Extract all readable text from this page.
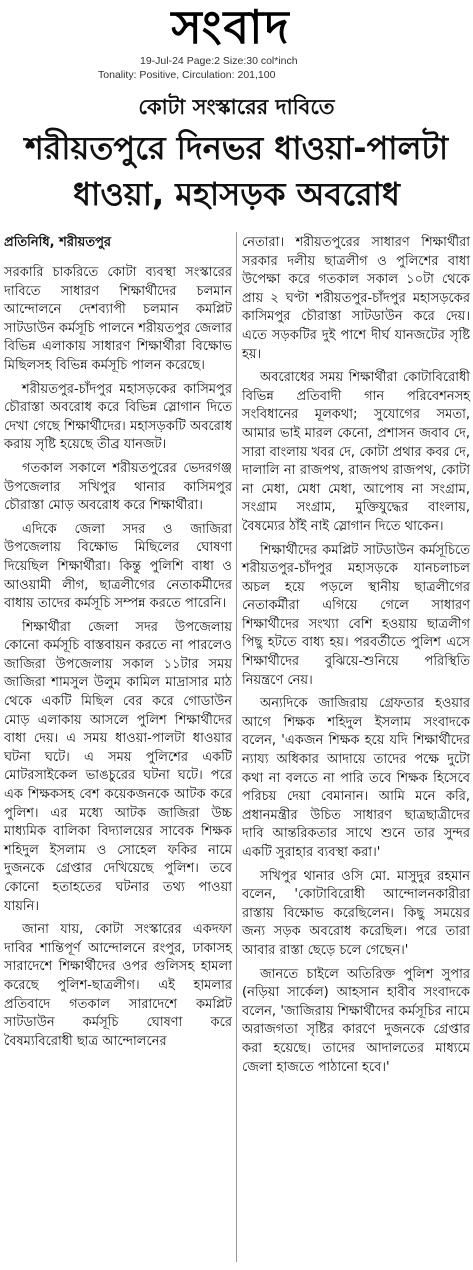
সংবাদ
19-Jul-24 Page:2 Size:30 col*inch
Tonality: Positive, Circulation: 201,100
কোটা সংস্কারের দাবিতে
শরীয়তপুরে দিনভর ধাওয়া-পালটা
ধাওয়া, মহাসড়ক অবরোধ
প্রতিনিধি, শরীয়তপুর

সরকারি চাকরিতে কোটা ব্যবস্থা সংস্কারের দাবিতে সাধারণ শিক্ষার্থীদের চলমান আন্দোলনে দেশব্যাপী চলমান কমপ্লিট সাটডাউন কর্মসূচি পালনে শরীয়তপুর জেলার বিভিন্ন এলাকায় সাধারণ শিক্ষার্থীরা বিক্ষোভ মিছিলসহ বিভিন্ন কর্মসূচি পালন করেছে।

শরীয়তপুর-চাঁদপুর মহাসড়কের কাসিমপুর চৌরাস্তা অবরোধ করে বিভিন্ন স্লোগান দিতে দেখা গেছে শিক্ষার্থীদের। মহাসড়কটি অবরোধ করায় সৃষ্টি হয়েছে তীব্র যানজট।

গতকাল সকালে শরীয়তপুরের ভেদরগঞ্জ উপজেলার সখিপুর থানার কাসিমপুর চৌরাস্তা মোড় অবরোধ করে শিক্ষার্থীরা।

এদিকে জেলা সদর ও জাজিরা উপজেলায় বিক্ষোভ মিছিলের ঘোষণা দিয়েছিল শিক্ষার্থীরা। কিন্তু পুলিশি বাধা ও আওয়ামী লীগ, ছাত্রলীগের নেতাকর্মীদের বাধায় তাদের কর্মসূচি সম্পন্ন করতে পারেনি।

শিক্ষার্থীরা জেলা সদর উপজেলায় কোনো কর্মসূচি বাস্তবায়ন করতে না পারলেও জাজিরা উপজেলায় সকাল ১১টার সময় জাজিরা শামসুল উলুম কামিল মাদ্রাসার মাঠ থেকে একটি মিছিল বের করে গোডাউন মোড় এলাকায় আসলে পুলিশ শিক্ষার্থীদের বাধা দেয়। এ সময় ধাওয়া-পালটা ধাওয়ার ঘটনা ঘটে। এ সময় পুলিশের একটি মোটরসাইকেল ভাঙচুরের ঘটনা ঘটে। পরে এক শিক্ষকসহ বেশ কয়েকজনকে আটক করে পুলিশ। এর মধ্যে আটক জাজিরা উচ্চ মাধ্যমিক বালিকা বিদ্যালয়ের সাবেক শিক্ষক শহিদুল ইসলাম ও সোহেল ফকির নামে দুজনকে গ্রেপ্তার দেখিয়েছে পুলিশ। তবে কোনো হতাহতের ঘটনার তথ্য পাওয়া যায়নি।

জানা যায়, কোটা সংস্কারের একদফা দাবির শান্তিপূর্ণ আন্দোলনে রংপুর, ঢাকাসহ সারাদেশে শিক্ষার্থীদের ওপর গুলিসহ হামলা করেছে পুলিশ-ছাত্রলীগ। এই হামলার প্রতিবাদে গতকাল সারাদেশে কমপ্লিট সাটডাউন কর্মসূচি ঘোষণা করে বৈষম্যবিরোধী ছাত্র আন্দোলনের

নেতারা। শরীয়তপুরের সাধারণ শিক্ষার্থীরা সরকার দলীয় ছাত্রলীগ ও পুলিশের বাধা উপেক্ষা করে গতকাল সকাল ১০টা থেকে প্রায় ২ ঘণ্টা শরীয়তপুর-চাঁদপুর মহাসড়কের কাসিমপুর চৌরাস্তা সাটডাউন করে দেয়। এতে সড়কটির দুই পাশে দীর্ঘ যানজটের সৃষ্টি হয়।

অবরোধের সময় শিক্ষার্থীরা কোটাবিরোধী বিভিন্ন প্রতিবাদী গান পরিবেশনসহ সংবিধানের মূলকথা; সুযোগের সমতা, আমার ভাই মারল কেনো, প্রশাসন জবাব দে, সারা বাংলায় খবর দে, কোটা প্রথার কবর দে, দালালি না রাজপথ, রাজপথ রাজপথ, কোটা না মেধা, মেধা মেধা, আপোষ না সংগ্রাম, সংগ্রাম সংগ্রাম, মুক্তিযুদ্ধের বাংলায়, বৈষম্যের ঠাঁই নাই স্লোগান দিতে থাকেন।

শিক্ষার্থীদের কমপ্লিট সাটডাউন কর্মসূচিতে শরীয়তপুর-চাঁদপুর মহাসড়কে যানচলাচল অচল হয়ে পড়লে স্থানীয় ছাত্রলীগের নেতাকর্মীরা এগিয়ে গেলে সাধারণ শিক্ষার্থীদের সংখ্যা বেশি হওয়ায় ছাত্রলীগ পিছু হটতে বাধ্য হয়। পরবর্তীতে পুলিশ এসে শিক্ষার্থীদের বুঝিয়ে-শুনিয়ে পরিস্থিতি নিয়ন্ত্রণে নেয়।

অন্যদিকে জাজিরায় গ্রেফতার হওয়ার আগে শিক্ষক শহিদুল ইসলাম সংবাদকে বলেন, 'একজন শিক্ষক হয়ে যদি শিক্ষার্থীদের ন্যায্য অধিকার আদায়ে তাদের পক্ষে দুটো কথা না বলতে না পারি তবে শিক্ষক হিসেবে পরিচয় দেয়া বেমানান। আমি মনে করি, প্রধানমন্ত্রীর উচিত সাধারণ ছাত্রছাত্রীদের দাবি আন্তরিকতার সাথে শুনে তার সুন্দর একটি সুরাহার ব্যবস্থা করা।'

সখিপুর থানার ওসি মো. মাসুদুর রহমান বলেন, 'কোটাবিরোধী আন্দোলনকারীরা রাস্তায় বিক্ষোভ করেছিলেন। কিছু সময়ের জন্য সড়ক অবরোধ করেছিল। পরে তারা আবার রাস্তা ছেড়ে চলে গেছেন।'

জানতে চাইলে অতিরিক্ত পুলিশ সুপার (নড়িয়া সার্কেল) আহসান হাবীব সংবাদকে বলেন, 'জাজিরায় শিক্ষার্থীদের কর্মসূচির নামে অরাজগতা সৃষ্টির কারণে দুজনকে গ্রেপ্তার করা হয়েছে। তাদের আদালতের মাধ্যমে জেলা হাজতে পাঠানো হবে।'
